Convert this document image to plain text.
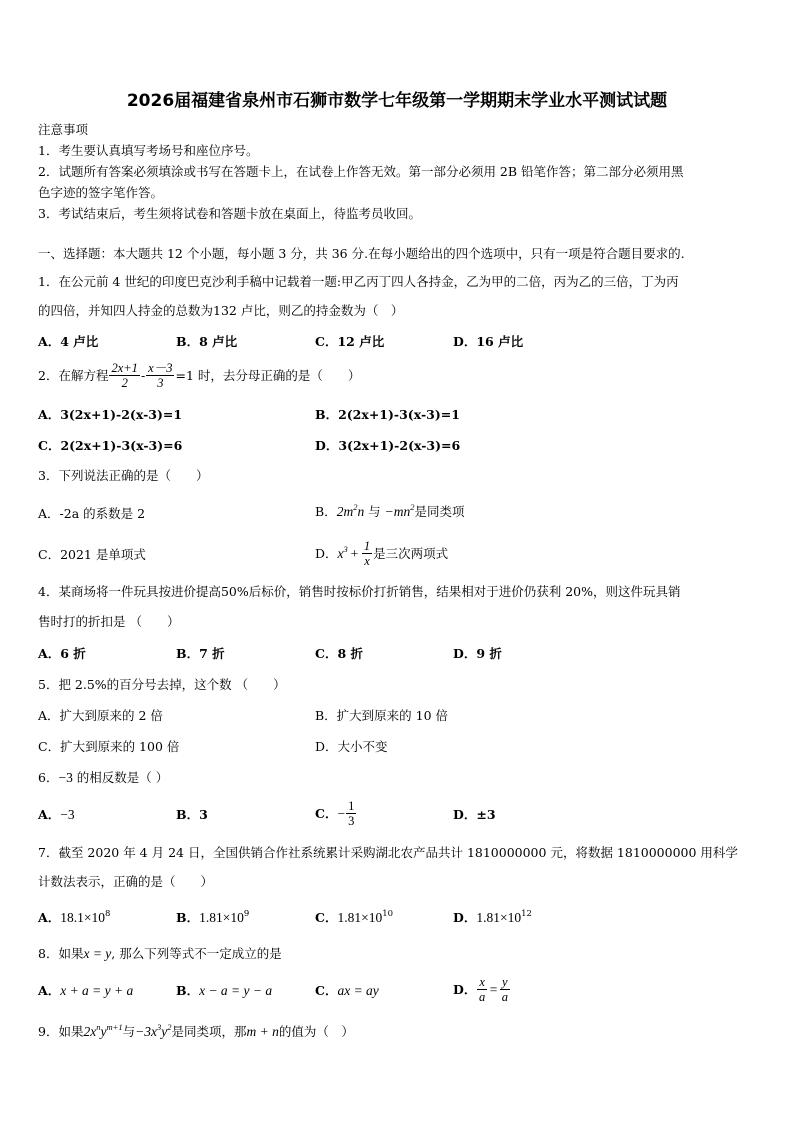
2026届福建省泉州市石狮市数学七年级第一学期期末学业水平测试试题
注意事项
1．考生要认真填写考场号和座位序号。
2．试题所有答案必须填涂或书写在答题卡上，在试卷上作答无效。第一部分必须用 2B 铅笔作答；第二部分必须用黑
色字迹的签字笔作答。
3．考试结束后，考生须将试卷和答题卡放在桌面上，待监考员收回。
一、选择题：本大题共 12 个小题，每小题 3 分，共 36 分.在每小题给出的四个选项中，只有一项是符合题目要求的.
1．在公元前 4 世纪的印度巴克沙利手稿中记载着一题:甲乙丙丁四人各持金，乙为甲的二倍，丙为乙的三倍，丁为丙
的四倍，并知四人持金的总数为132 卢比，则乙的持金数为（　）
A．4 卢比	B．8 卢比	C．12 卢比	D．16 卢比
2．在解方程 $\frac{2x+1}{2} - \frac{x-3}{3} =1$ 时，去分母正确的是（　　）
A．3(2x+1)-2(x-3)=1	B．2(2x+1)-3(x-3)=1
C．2(2x+1)-3(x-3)=6	D．3(2x+1)-2(x-3)=6
3．下列说法正确的是（　　）
A．-2a 的系数是 2	B．$2m^2n$ 与 $-mn^2$是同类项
C．2021 是单项式	D． $x^3 + \frac{1}{x}$ 是三次两项式
4．某商场将一件玩具按进价提高50%后标价，销售时按标价打折销售，结果相对于进价仍获利 20%，则这件玩具销
售时打的折扣是 （　　）
A．6 折	B．7 折	C．8 折	D．9 折
5．把 2.5%的百分号去掉，这个数 （　　）
A．扩大到原来的 2 倍	B．扩大到原来的 10 倍
C．扩大到原来的 100 倍	D．大小不变
6．−3 的相反数是（ ）
A．−3	B．3	C． − $\frac{1}{3}$	D．±3
7．截至 2020 年 4 月 24 日，全国供销合作社系统累计采购湖北农产品共计 1810000000 元，将数据 1810000000 用科学
计数法表示，正确的是（　　）
A．$18.1\times 10^8$	B．$1.81\times 10^9$	C．$1.81\times 10^{10}$	D．$1.81\times 10^{12}$
8．如果x = y, 那么下列等式不一定成立的是
A．x + a = y + a	B．x − a = y − a	C．ax = ay	D． $\frac{x}{a} = \frac{y}{a}$
9．如果$2x^ny^{m+1}$与$-3x^3y^2$是同类项，那m + n的值为（　）
